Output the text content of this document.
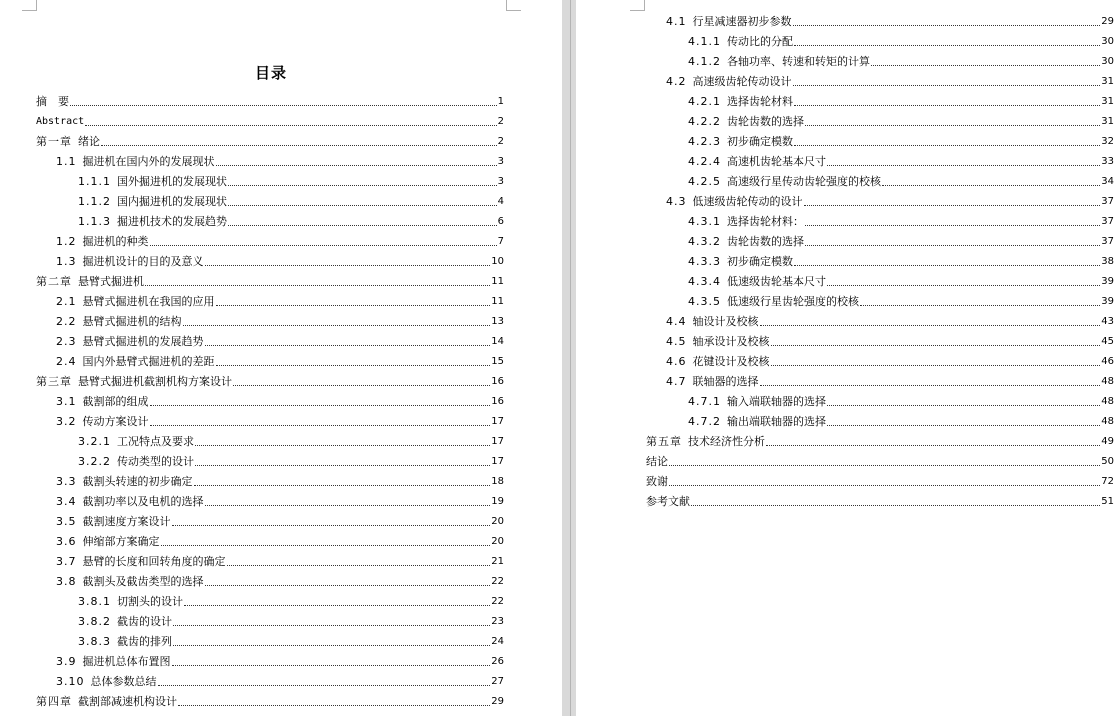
目录
摘　要	1
Abstract	2
第一章 绪论	2
1.1 掘进机在国内外的发展现状	3
1.1.1 国外掘进机的发展现状	3
1.1.2 国内掘进机的发展现状	4
1.1.3 掘进机技术的发展趋势	6
1.2 掘进机的种类	7
1.3 掘进机设计的目的及意义	10
第二章 悬臂式掘进机	11
2.1 悬臂式掘进机在我国的应用	11
2.2 悬臂式掘进机的结构	13
2.3 悬臂式掘进机的发展趋势	14
2.4 国内外悬臂式掘进机的差距	15
第三章 悬臂式掘进机截割机构方案设计	16
3.1 截割部的组成	16
3.2 传动方案设计	17
3.2.1 工况特点及要求	17
3.2.2 传动类型的设计	17
3.3 截割头转速的初步确定	18
3.4 截割功率以及电机的选择	19
3.5 截割速度方案设计	20
3.6 伸缩部方案确定	20
3.7 悬臂的长度和回转角度的确定	21
3.8 截割头及截齿类型的选择	22
3.8.1 切割头的设计	22
3.8.2 截齿的设计	23
3.8.3 截齿的排列	24
3.9 掘进机总体布置图	26
3.10 总体参数总结	27
第四章 截割部减速机构设计	29
4.1 行星减速器初步参数	29
4.1.1 传动比的分配	30
4.1.2 各轴功率、转速和转矩的计算	30
4.2 高速级齿轮传动设计	31
4.2.1 选择齿轮材料	31
4.2.2 齿轮齿数的选择	31
4.2.3 初步确定模数	32
4.2.4 高速机齿轮基本尺寸	33
4.2.5 高速级行星传动齿轮强度的校核	34
4.3 低速级齿轮传动的设计	37
4.3.1 选择齿轮材料：	37
4.3.2 齿轮齿数的选择	37
4.3.3 初步确定模数	38
4.3.4 低速级齿轮基本尺寸	39
4.3.5 低速级行星齿轮强度的校核	39
4.4 轴设计及校核	43
4.5 轴承设计及校核	45
4.6 花键设计及校核	46
4.7 联轴器的选择	48
4.7.1 输入端联轴器的选择	48
4.7.2 输出端联轴器的选择	48
第五章 技术经济性分析	49
结论	50
致谢	72
参考文献	51
